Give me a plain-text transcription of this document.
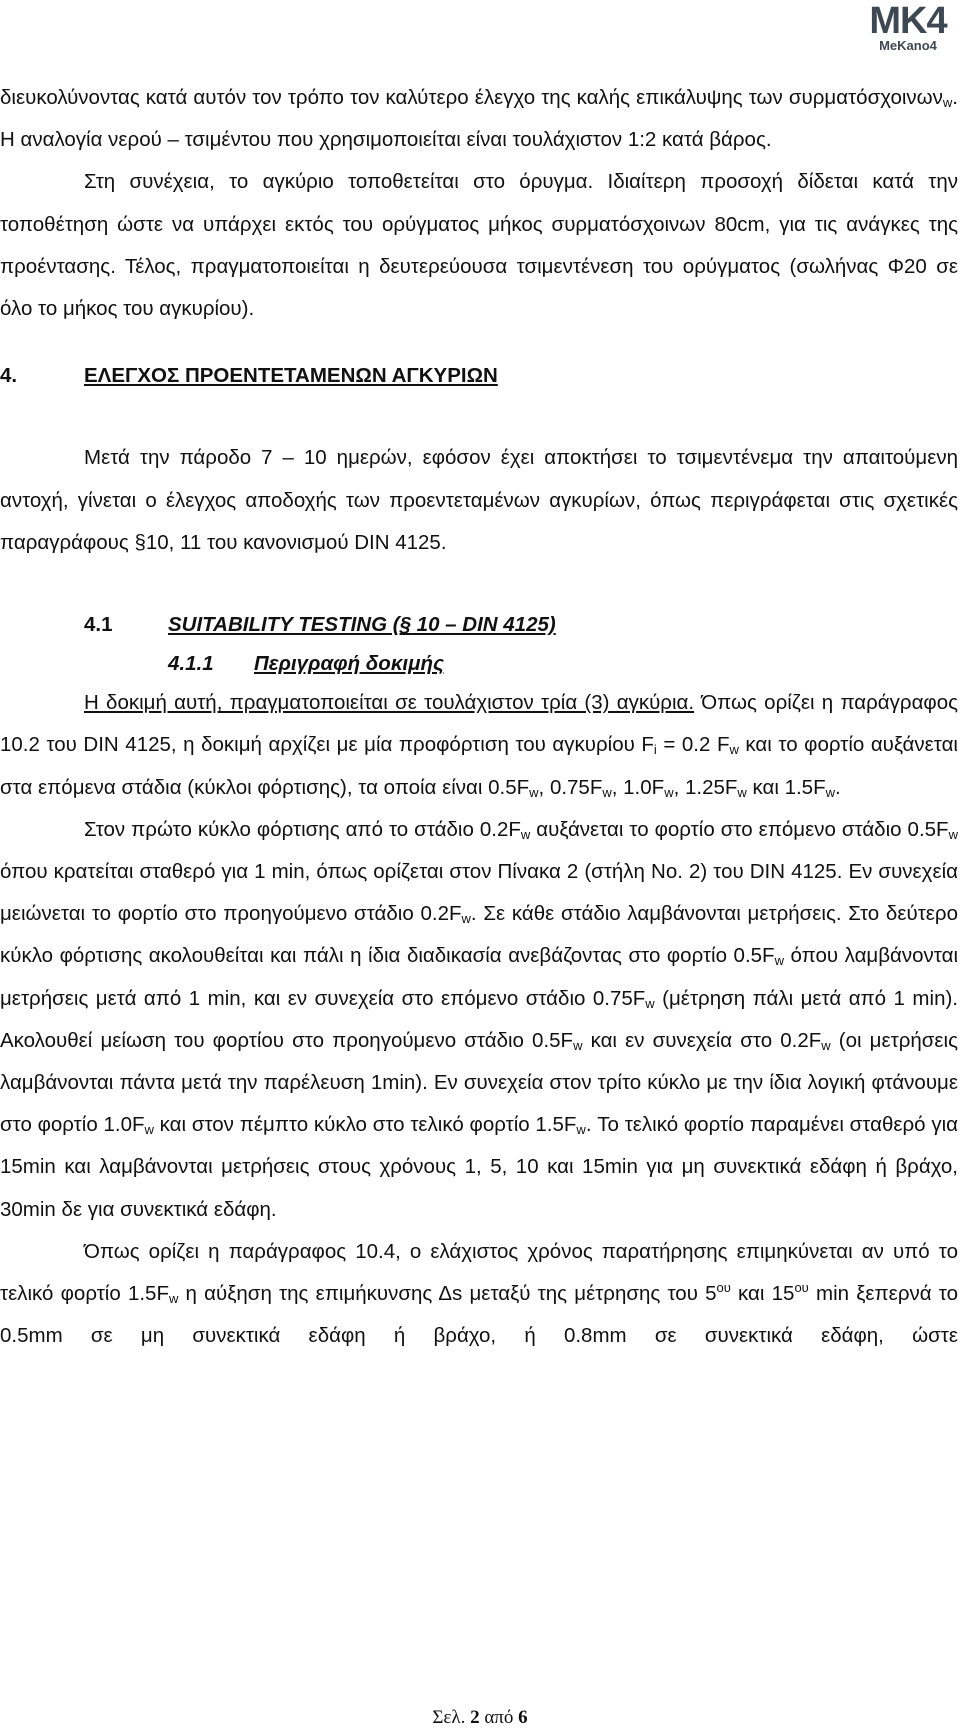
MK4
MeKano4

διευκολύνοντας κατά αυτόν τον τρόπο τον καλύτερο έλεγχο της καλής επικάλυψης των συρματόσχοινων$_w$. Η αναλογία νερού – τσιμέντου που χρησιμοποιείται είναι τουλάχιστον 1:2 κατά βάρος.

Στη συνέχεια, το αγκύριο τοποθετείται στο όρυγμα. Ιδιαίτερη προσοχή δίδεται κατά την τοποθέτηση ώστε να υπάρχει εκτός του ορύγματος μήκος συρματόσχοινων 80cm, για τις ανάγκες της προέντασης. Τέλος, πραγματοποιείται η δευτερεύουσα τσιμεντένεση του ορύγματος (σωλήνας Φ20 σε όλο το μήκος του αγκυρίου).

4.	ΕΛΕΓΧΟΣ ΠΡΟΕΝΤΕΤΑΜΕΝΩΝ ΑΓΚΥΡΙΩΝ

Μετά την πάροδο 7 – 10 ημερών, εφόσον έχει αποκτήσει το τσιμεντένεμα την απαιτούμενη αντοχή, γίνεται ο έλεγχος αποδοχής των προεντεταμένων αγκυρίων, όπως περιγράφεται στις σχετικές παραγράφους §10, 11 του κανονισμού DIN 4125.

4.1	SUITABILITY TESTING (§ 10 – DIN 4125)
4.1.1 Περιγραφή δοκιμής

Η δοκιμή αυτή, πραγματοποιείται σε τουλάχιστον τρία (3) αγκύρια. Όπως ορίζει η παράγραφος 10.2 του DIN 4125, η δοκιμή αρχίζει με μία προφόρτιση του αγκυρίου $F_i = 0.2$ $F_w$ και το φορτίο αυξάνεται στα επόμενα στάδια (κύκλοι φόρτισης), τα οποία είναι $0.5F_w$, $0.75F_w$, $1.0F_w$, $1.25F_w$ και $1.5F_w$.

Στον πρώτο κύκλο φόρτισης από το στάδιο $0.2F_w$ αυξάνεται το φορτίο στο επόμενο στάδιο $0.5F_w$ όπου κρατείται σταθερό για 1 min, όπως ορίζεται στον Πίνακα 2 (στήλη No. 2) του DIN 4125. Εν συνεχεία μειώνεται το φορτίο στο προηγούμενο στάδιο $0.2F_w$. Σε κάθε στάδιο λαμβάνονται μετρήσεις. Στο δεύτερο κύκλο φόρτισης ακολουθείται και πάλι η ίδια διαδικασία ανεβάζοντας στο φορτίο $0.5F_w$ όπου λαμβάνονται μετρήσεις μετά από 1 min, και εν συνεχεία στο επόμενο στάδιο $0.75F_w$ (μέτρηση πάλι μετά από 1 min). Ακολουθεί μείωση του φορτίου στο προηγούμενο στάδιο $0.5F_w$ και εν συνεχεία στο $0.2F_w$ (οι μετρήσεις λαμβάνονται πάντα μετά την παρέλευση 1min). Εν συνεχεία στον τρίτο κύκλο με την ίδια λογική φτάνουμε στο φορτίο $1.0F_w$ και στον πέμπτο κύκλο στο τελικό φορτίο $1.5F_w$. Το τελικό φορτίο παραμένει σταθερό για 15min και λαμβάνονται μετρήσεις στους χρόνους 1, 5, 10 και 15min για μη συνεκτικά εδάφη ή βράχο, 30min δε για συνεκτικά εδάφη.

Όπως ορίζει η παράγραφος 10.4, ο ελάχιστος χρόνος παρατήρησης επιμηκύνεται αν υπό το τελικό φορτίο $1.5F_w$ η αύξηση της επιμήκυνσης Δs μεταξύ της μέτρησης του $5^{o\upsilon}$ και $15^{o\upsilon}$ min ξεπερνά το 0.5mm σε μη συνεκτικά εδάφη ή βράχο, ή 0.8mm σε συνεκτικά εδάφη, ώστε

Σελ. 2 από 6
